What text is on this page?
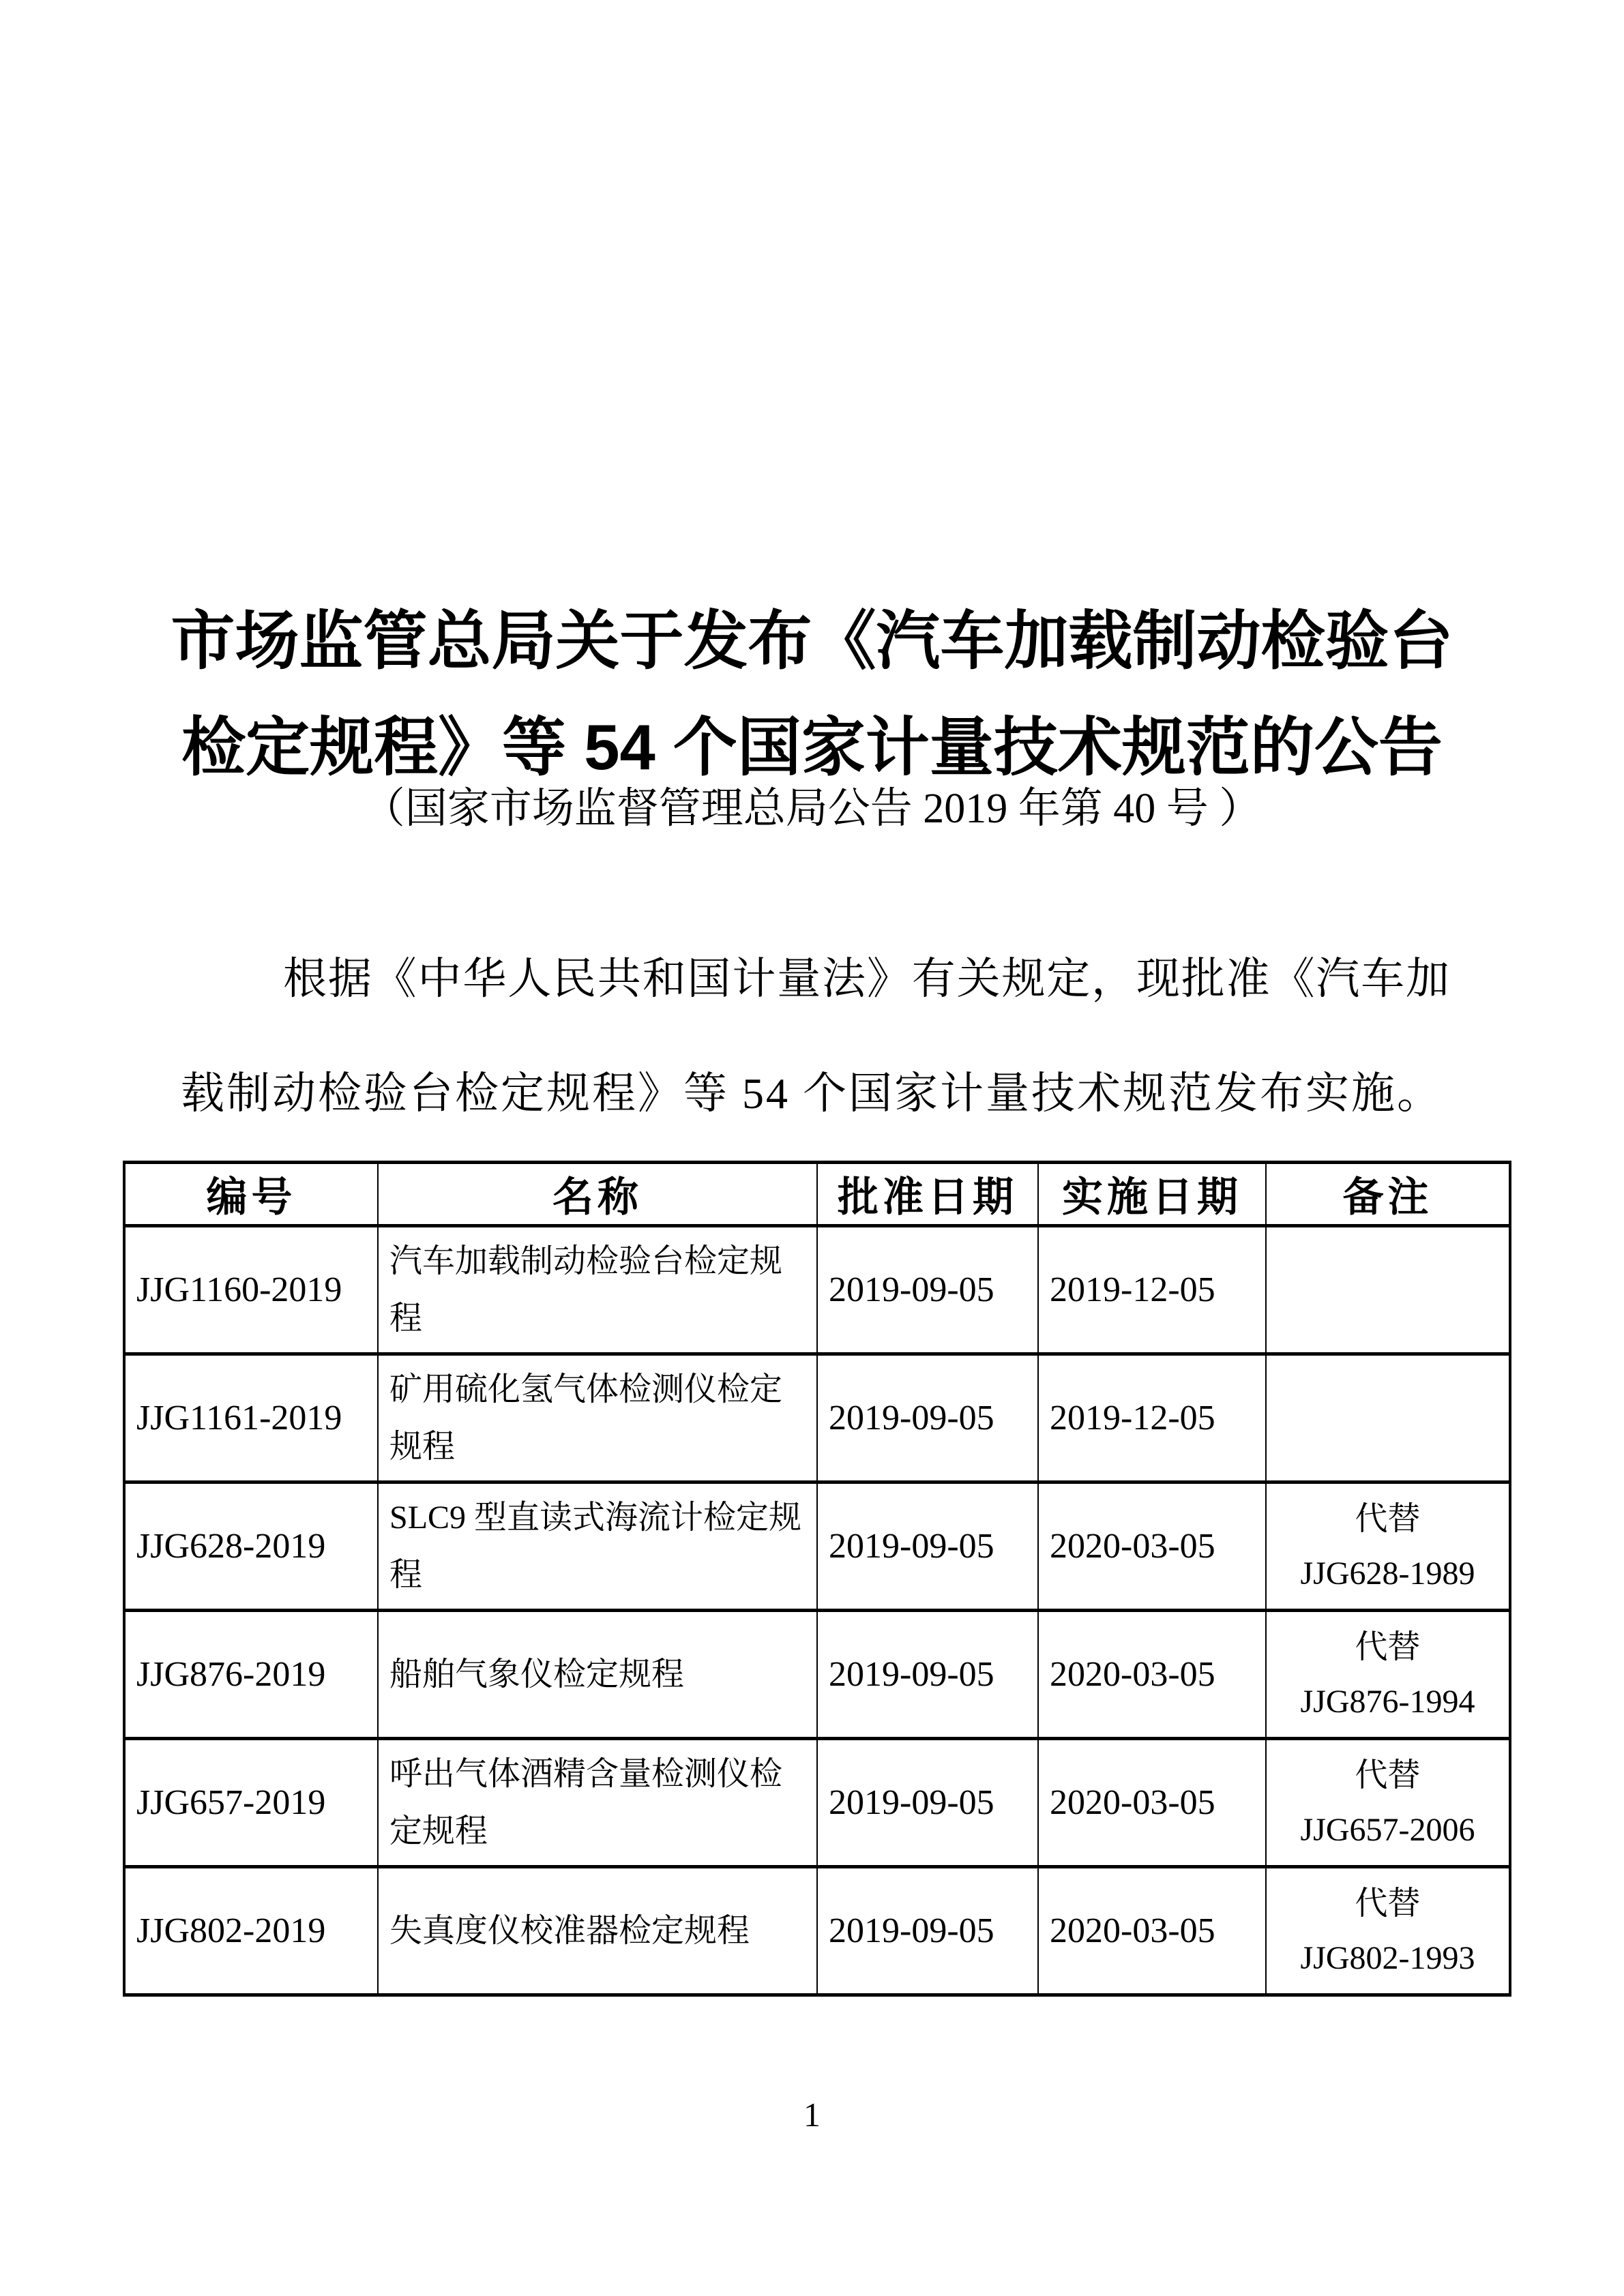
市场监管总局关于发布《汽车加载制动检验台
检定规程》等 54 个国家计量技术规范的公告
（国家市场监督管理总局公告 2019 年第 40 号 ）
根据《中华人民共和国计量法》有关规定，现批准《汽车加
载制动检验台检定规程》等 54 个国家计量技术规范发布实施。
编号	名称	批准日期	实施日期	备注
JJG1160-2019	汽车加载制动检验台检定规程	2019-09-05	2019-12-05	

JJG1161-2019	矿用硫化氢气体检测仪检定规程	2019-09-05	2019-12-05	

JJG628-2019	SLC9 型直读式海流计检定规程	2019-09-05	2020-03-05	代替
JJG628-1989

JJG876-2019	船舶气象仪检定规程	2019-09-05	2020-03-05	代替
JJG876-1994

JJG657-2019	呼出气体酒精含量检测仪检定规程	2019-09-05	2020-03-05	代替
JJG657-2006

JJG802-2019	失真度仪校准器检定规程	2019-09-05	2020-03-05	代替
JJG802-1993
1
